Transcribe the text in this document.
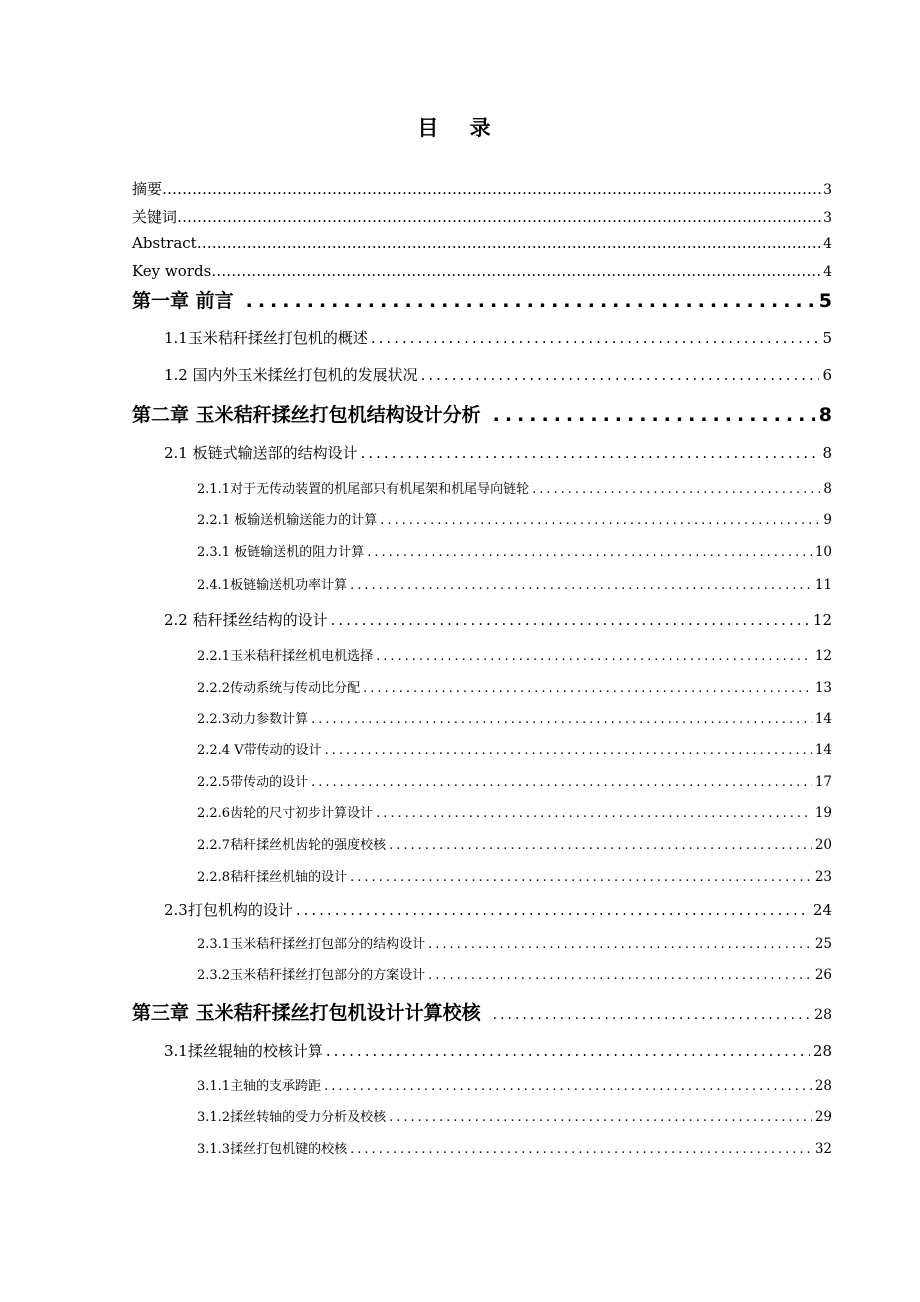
目 录
摘要 …………………………………………………………………………………………………………………………………………………………………………………………………………………………………………………	3
关键词 …………………………………………………………………………………………………………………………………………………………………………………………………………………………………………………	3
Abstract …………………………………………………………………………………………………………………………………………………………………………………………………………………………………………………	4
Key words …………………………………………………………………………………………………………………………………………………………………………………………………………………………………………………	4
第一章 前言 .....	5
1.1玉米秸秆揉丝打包机的概述 .....	5
1.2 国内外玉米揉丝打包机的发展状况 .....	6
第二章 玉米秸秆揉丝打包机结构设计分析 .....	8
2.1 板链式输送部的结构设计 .....	8
2.1.1对于无传动装置的机尾部只有机尾架和机尾导向链轮 .....	8
2.2.1 板输送机输送能力的计算 .....	9
2.3.1 板链输送机的阻力计算 .....	10
2.4.1板链输送机功率计算 .....	11
2.2 秸秆揉丝结构的设计 .....	12
2.2.1玉米秸秆揉丝机电机选择 .....	12
2.2.2传动系统与传动比分配 .....	13
2.2.3动力参数计算 .....	14
2.2.4 V带传动的设计 .....	14
2.2.5带传动的设计 .....	17
2.2.6齿轮的尺寸初步计算设计 .....	19
2.2.7秸秆揉丝机齿轮的强度校核 .....	20
2.2.8秸秆揉丝机轴的设计 .....	23
2.3打包机构的设计 .....	24
2.3.1玉米秸秆揉丝打包部分的结构设计 .....	25
2.3.2玉米秸秆揉丝打包部分的方案设计 .....	26
第三章 玉米秸秆揉丝打包机设计计算校核 .....	28
3.1揉丝辊轴的校核计算 .....	28
3.1.1主轴的支承跨距 .....	28
3.1.2揉丝转轴的受力分析及校核 .....	29
3.1.3揉丝打包机键的校核 .....	32
